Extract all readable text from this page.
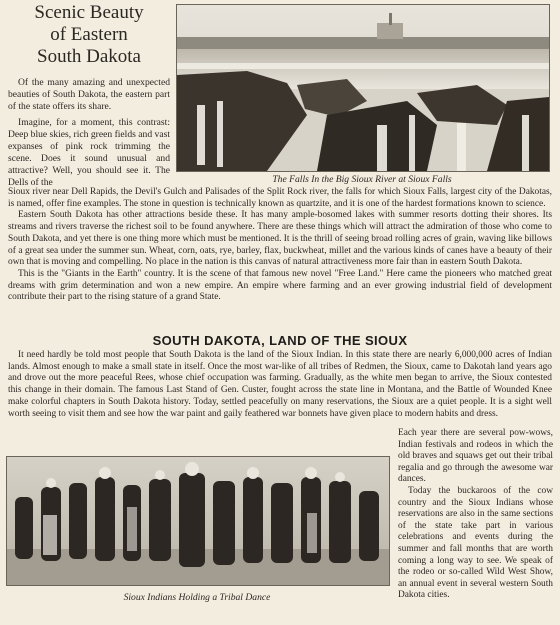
Scenic Beauty
of Eastern
South Dakota

Of the many amazing and unexpected beauties of South Dakota, the eastern part of the state offers its share.

Imagine, for a moment, this contrast: Deep blue skies, rich green fields and vast expanses of pink rock trimming the scene. Does it sound unusual and attractive? Well, you should see it. The Dells of the	The Falls In the Big Sioux River at Sioux Falls

Sioux river near Dell Rapids, the Devil's Gulch and Palisades of the Split Rock river, the falls for which Sioux Falls, largest city of the Dakotas, is named, offer fine examples. The stone in question is technically known as quartzite, and it is one of the hardest formations known to science.

Eastern South Dakota has other attractions beside these. It has many ample-bosomed lakes with summer resorts dotting their shores. Its streams and rivers traverse the richest soil to be found anywhere. There are these things which will attract the admiration of those who come to South Dakota, and yet there is one thing more which must be mentioned. It is the thrill of seeing broad rolling acres of grain, waving like billows of a great sea under the summer sun. Wheat, corn, oats, rye, barley, flax, buckwheat, millet and the various kinds of canes have a beauty of their own that is moving and compelling. No place in the nation is this canvas of natural attractiveness more fair than in eastern South Dakota.

This is the "Giants in the Earth" country. It is the scene of that famous new novel "Free Land." Here came the pioneers who matched great dreams with grim determination and won a new empire. An empire where farming and an ever growing industrial field of development contribute their part to the rising stature of a grand State.

SOUTH DAKOTA, LAND OF THE SIOUX

It need hardly be told most people that South Dakota is the land of the Sioux Indian. In this state there are nearly 6,000,000 acres of Indian lands. Almost enough to make a small state in itself. Once the most war-like of all tribes of Redmen, the Sioux, came to Dakotah land years ago and drove out the more peaceful Rees, whose chief occupation was farming. Gradually, as the white men began to arrive, the Sioux contested this change in their domain. The famous Last Stand of Gen. Custer, fought across the state line in Montana, and the Battle of Wounded Knee make colorful chapters in South Dakota history. Today, settled peacefully on many reservations, the Sioux are a quiet people. It is a sight well worth seeing to visit them and see how the war paint and gaily feathered war bonnets have given place to modern habits and dress.

Sioux Indians Holding a Tribal Dance

Each year there are several pow-wows, Indian festivals and rodeos in which the old braves and squaws get out their tribal regalia and go through the awesome war dances.

Today the buckaroos of the cow country and the Sioux Indians whose reservations are also in the same sections of the state take part in various celebrations and events during the summer and fall months that are worth coming a long way to see. We speak of the rodeo or so-called Wild West Show, an annual event in several western South Dakota cities.
